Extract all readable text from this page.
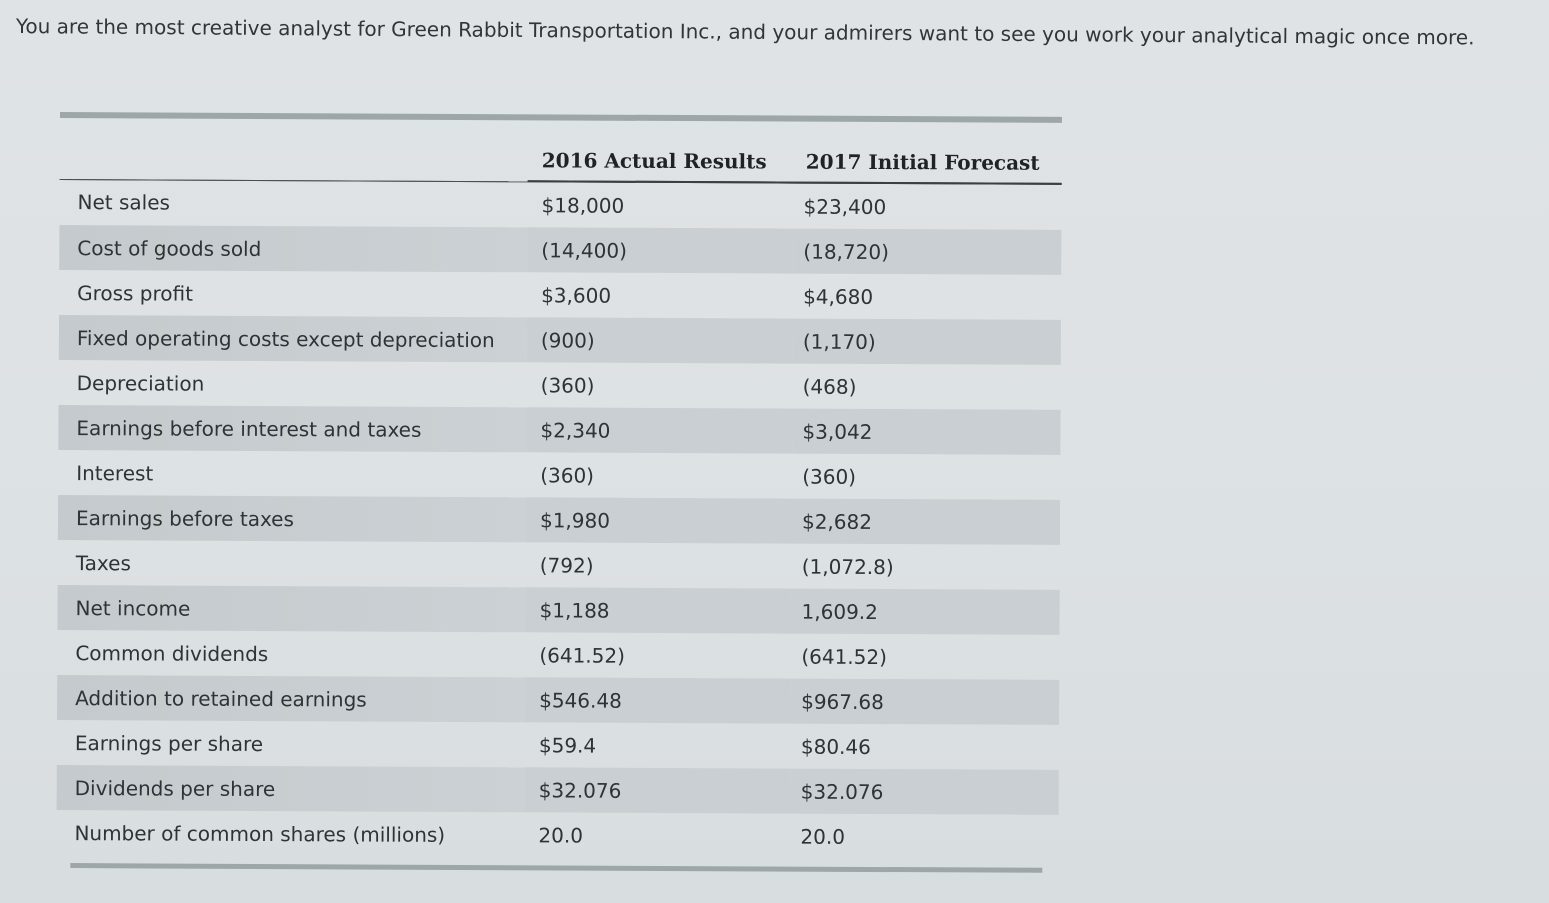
You are the most creative analyst for Green Rabbit Transportation Inc., and your admirers want to see you work your analytical magic once more.
	2016 Actual Results	2017 Initial Forecast
Net sales	$18,000	$23,400
Cost of goods sold	(14,400)	(18,720)
Gross profit	$3,600	$4,680
Fixed operating costs except depreciation	(900)	(1,170)
Depreciation	(360)	(468)
Earnings before interest and taxes	$2,340	$3,042
Interest	(360)	(360)
Earnings before taxes	$1,980	$2,682
Taxes	(792)	(1,072.8)
Net income	$1,188	1,609.2
Common dividends	(641.52)	(641.52)
Addition to retained earnings	$546.48	$967.68
Earnings per share	$59.4	$80.46
Dividends per share	$32.076	$32.076
Number of common shares (millions)	20.0	20.0
